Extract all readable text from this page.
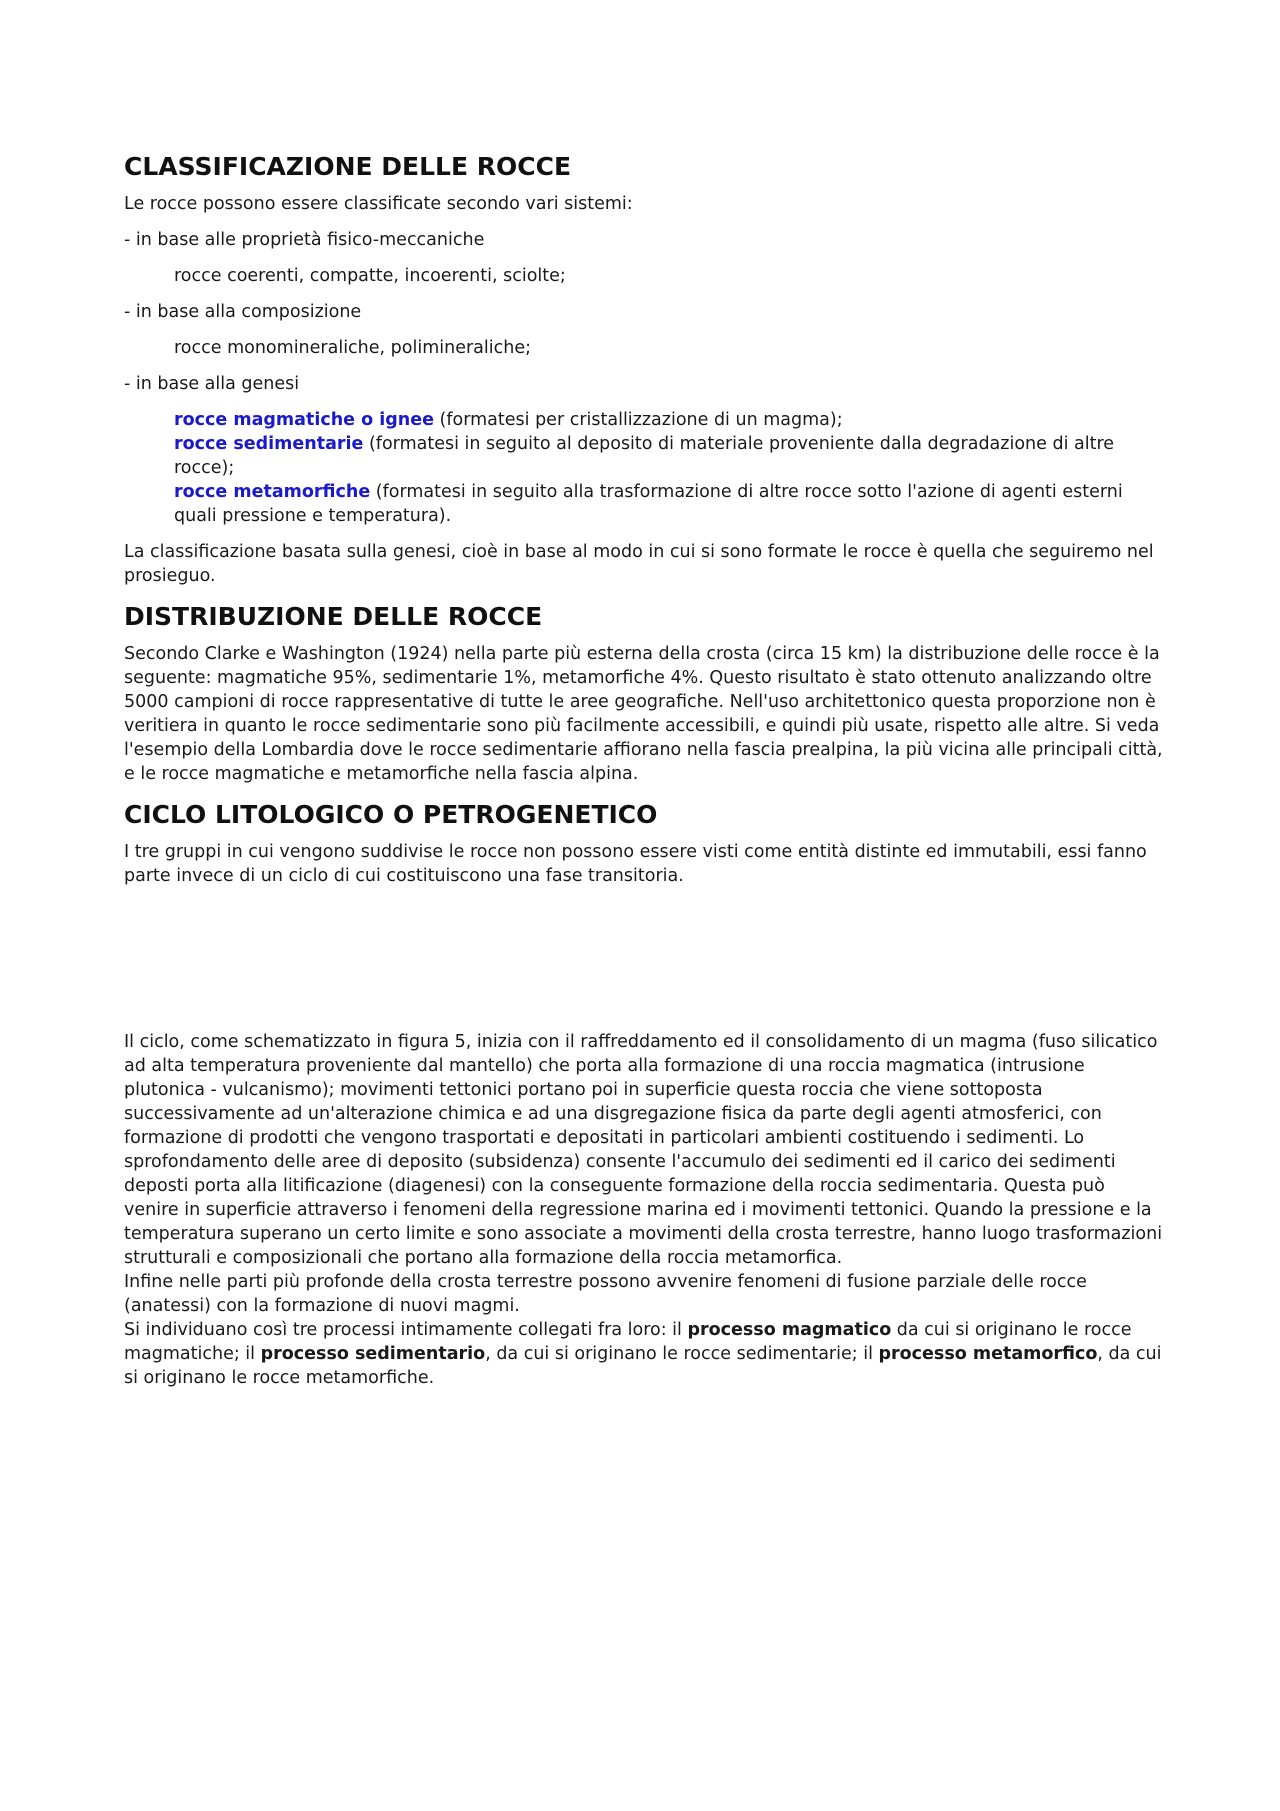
CLASSIFICAZIONE DELLE ROCCE

Le rocce possono essere classificate secondo vari sistemi:

- in base alle proprietà fisico-meccaniche

rocce coerenti, compatte, incoerenti, sciolte;

- in base alla composizione

rocce monomineraliche, polimineraliche;

- in base alla genesi

rocce magmatiche o ignee (formatesi per cristallizzazione di un magma);

rocce sedimentarie (formatesi in seguito al deposito di materiale proveniente dalla degradazione di altre rocce);

rocce metamorfiche (formatesi in seguito alla trasformazione di altre rocce sotto l'azione di agenti esterni quali pressione e temperatura).

La classificazione basata sulla genesi, cioè in base al modo in cui si sono formate le rocce è quella che seguiremo nel prosieguo.

DISTRIBUZIONE DELLE ROCCE

Secondo Clarke e Washington (1924) nella parte più esterna della crosta (circa 15 km) la distribuzione delle rocce è la seguente: magmatiche 95%, sedimentarie 1%, metamorfiche 4%. Questo risultato è stato ottenuto analizzando oltre 5000 campioni di rocce rappresentative di tutte le aree geografiche. Nell'uso architettonico questa proporzione non è veritiera in quanto le rocce sedimentarie sono più facilmente accessibili, e quindi più usate, rispetto alle altre. Si veda l'esempio della Lombardia dove le rocce sedimentarie affiorano nella fascia prealpina, la più vicina alle principali città, e le rocce magmatiche e metamorfiche nella fascia alpina.

CICLO LITOLOGICO O PETROGENETICO

I tre gruppi in cui vengono suddivise le rocce non possono essere visti come entità distinte ed immutabili, essi fanno parte invece di un ciclo di cui costituiscono una fase transitoria.

Il ciclo, come schematizzato in figura 5, inizia con il raffreddamento ed il consolidamento di un magma (fuso silicatico ad alta temperatura proveniente dal mantello) che porta alla formazione di una roccia magmatica (intrusione plutonica - vulcanismo); movimenti tettonici portano poi in superficie questa roccia che viene sottoposta successivamente ad un'alterazione chimica e ad una disgregazione fisica da parte degli agenti atmosferici, con formazione di prodotti che vengono trasportati e depositati in particolari ambienti costituendo i sedimenti. Lo sprofondamento delle aree di deposito (subsidenza) consente l'accumulo dei sedimenti ed il carico dei sedimenti deposti porta alla litificazione (diagenesi) con la conseguente formazione della roccia sedimentaria. Questa può venire in superficie attraverso i fenomeni della regressione marina ed i movimenti tettonici. Quando la pressione e la temperatura superano un certo limite e sono associate a movimenti della crosta terrestre, hanno luogo trasformazioni strutturali e composizionali che portano alla formazione della roccia metamorfica.

Infine nelle parti più profonde della crosta terrestre possono avvenire fenomeni di fusione parziale delle rocce (anatessi) con la formazione di nuovi magmi.

Si individuano così tre processi intimamente collegati fra loro: il processo magmatico da cui si originano le rocce magmatiche; il processo sedimentario, da cui si originano le rocce sedimentarie; il processo metamorfico, da cui si originano le rocce metamorfiche.
